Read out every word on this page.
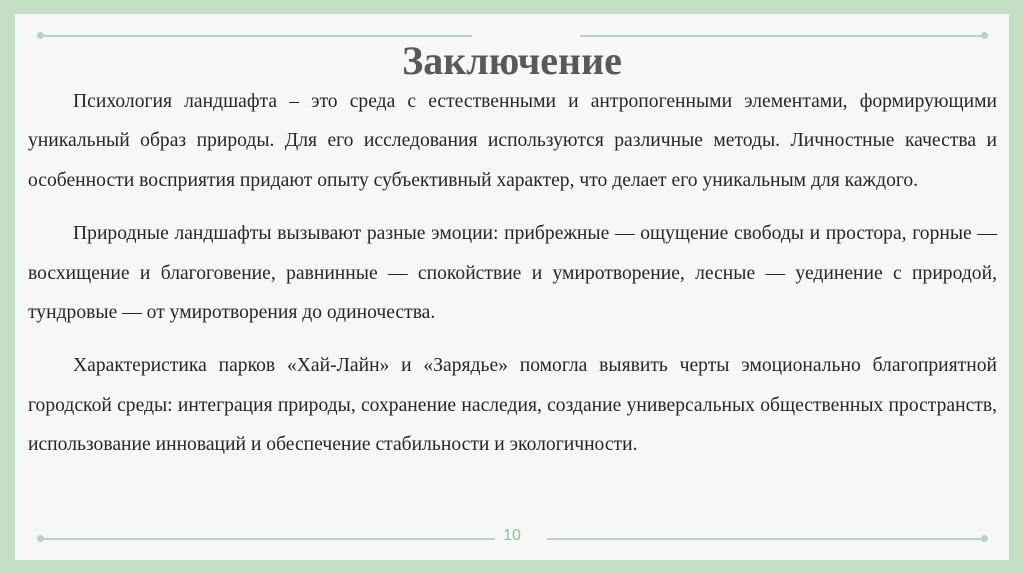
Заключение

Психология ландшафта – это среда с естественными и антропогенными элементами, формирующими уникальный образ природы. Для его исследования используются различные методы. Личностные качества и особенности восприятия придают опыту субъективный характер, что делает его уникальным для каждого.

Природные ландшафты вызывают разные эмоции: прибрежные — ощущение свободы и простора, горные — восхищение и благоговение, равнинные — спокойствие и умиротворение, лесные — уединение с природой, тундровые — от умиротворения до одиночества.

Характеристика парков «Хай-Лайн» и «Зарядье» помогла выявить черты эмоционально благоприятной городской среды: интеграция природы, сохранение наследия, создание универсальных общественных пространств, использование инноваций и обеспечение стабильности и экологичности.

10
